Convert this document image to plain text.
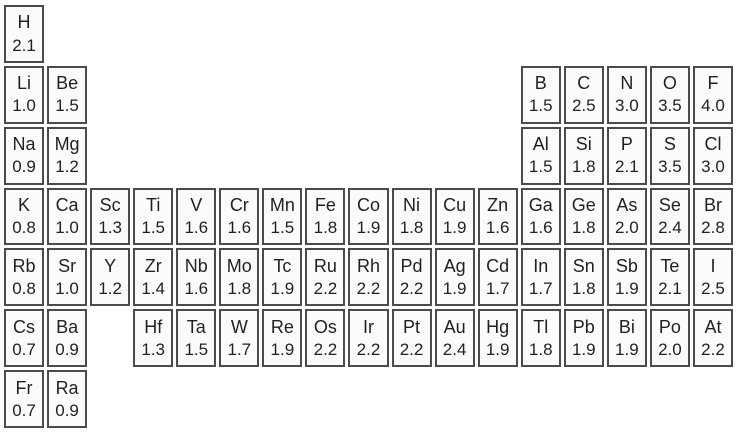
H
2.1
Li
1.0
Be
1.5
B
1.5
C
2.5
N
3.0
O
3.5
F
4.0
Na
0.9
Mg
1.2
Al
1.5
Si
1.8
P
2.1
S
3.5
Cl
3.0
K
0.8
Ca
1.0
Sc
1.3
Ti
1.5
V
1.6
Cr
1.6
Mn
1.5
Fe
1.8
Co
1.9
Ni
1.8
Cu
1.9
Zn
1.6
Ga
1.6
Ge
1.8
As
2.0
Se
2.4
Br
2.8
Rb
0.8
Sr
1.0
Y
1.2
Zr
1.4
Nb
1.6
Mo
1.8
Tc
1.9
Ru
2.2
Rh
2.2
Pd
2.2
Ag
1.9
Cd
1.7
In
1.7
Sn
1.8
Sb
1.9
Te
2.1
I
2.5
Cs
0.7
Ba
0.9
Hf
1.3
Ta
1.5
W
1.7
Re
1.9
Os
2.2
Ir
2.2
Pt
2.2
Au
2.4
Hg
1.9
Tl
1.8
Pb
1.9
Bi
1.9
Po
2.0
At
2.2
Fr
0.7
Ra
0.9
